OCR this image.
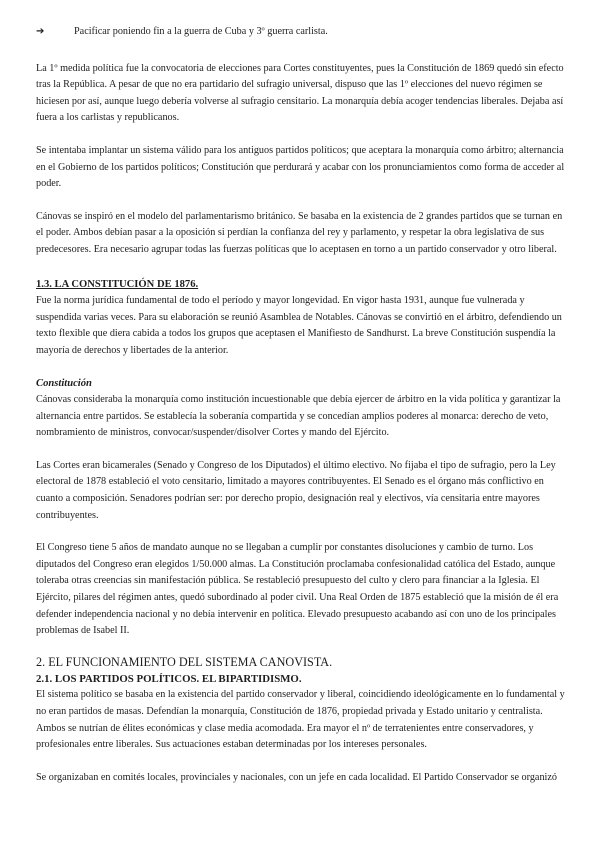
➔	Pacificar poniendo fin a la guerra de Cuba y 3º guerra carlista.

La 1º medida política fue la convocatoria de elecciones para Cortes constituyentes, pues la Constitución de 1869 quedó sin efecto tras la República. A pesar de que no era partidario del sufragio universal, dispuso que las 1º elecciones del nuevo régimen se hiciesen por así, aunque luego debería volverse al sufragio censitario. La monarquía debía acoger tendencias liberales. Dejaba así fuera a los carlistas y republicanos.

Se intentaba implantar un sistema válido para los antiguos partidos políticos; que aceptara la monarquía como árbitro; alternancia en el Gobierno de los partidos políticos; Constitución que perdurará y acabar con los pronunciamientos como forma de acceder al poder.

Cánovas se inspiró en el modelo del parlamentarismo británico. Se basaba en la existencia de 2 grandes partidos que se turnan en el poder. Ambos debían pasar a la oposición si perdían la confianza del rey y parlamento, y respetar la obra legislativa de sus predecesores. Era necesario agrupar todas las fuerzas políticas que lo aceptasen en torno a un partido conservador y otro liberal.

1.3. LA CONSTITUCIÓN DE 1876.

Fue la norma jurídica fundamental de todo el período y mayor longevidad. En vigor hasta 1931, aunque fue vulnerada y suspendida varias veces. Para su elaboración se reunió Asamblea de Notables. Cánovas se convirtió en el árbitro, defendiendo un texto flexible que diera cabida a todos los grupos que aceptasen el Manifiesto de Sandhurst. La breve Constitución suspendía la mayoría de derechos y libertades de la anterior.

Constitución

Cánovas consideraba la monarquía como institución incuestionable que debía ejercer de árbitro en la vida política y garantizar la alternancia entre partidos. Se establecía la soberanía compartida y se concedían amplios poderes al monarca: derecho de veto, nombramiento de ministros, convocar/suspender/disolver Cortes y mando del Ejército.

Las Cortes eran bicamerales (Senado y Congreso de los Diputados) el último electivo. No fijaba el tipo de sufragio, pero la Ley electoral de 1878 estableció el voto censitario, limitado a mayores contribuyentes. El Senado es el órgano más conflictivo en cuanto a composición. Senadores podrían ser: por derecho propio, designación real y electivos, vía censitaria entre mayores contribuyentes.

El Congreso tiene 5 años de mandato aunque no se llegaban a cumplir por constantes disoluciones y cambio de turno. Los diputados del Congreso eran elegidos 1/50.000 almas. La Constitución proclamaba confesionalidad católica del Estado, aunque toleraba otras creencias sin manifestación pública. Se restableció presupuesto del culto y clero para financiar a la Iglesia. El Ejército, pilares del régimen antes, quedó subordinado al poder civil. Una Real Orden de 1875 estableció que la misión de él era defender independencia nacional y no debía intervenir en política. Elevado presupuesto acabando así con uno de los principales problemas de Isabel II.

2. EL FUNCIONAMIENTO DEL SISTEMA CANOVISTA.

2.1. LOS PARTIDOS POLÍTICOS. EL BIPARTIDISMO.

El sistema político se basaba en la existencia del partido conservador y liberal, coincidiendo ideológicamente en lo fundamental y no eran partidos de masas. Defendían la monarquía, Constitución de 1876, propiedad privada y Estado unitario y centralista. Ambos se nutrían de élites económicas y clase media acomodada. Era mayor el nº de terratenientes entre conservadores, y profesionales entre liberales. Sus actuaciones estaban determinadas por los intereses personales.

Se organizaban en comités locales, provinciales y nacionales, con un jefe en cada localidad. El Partido Conservador se organizó
